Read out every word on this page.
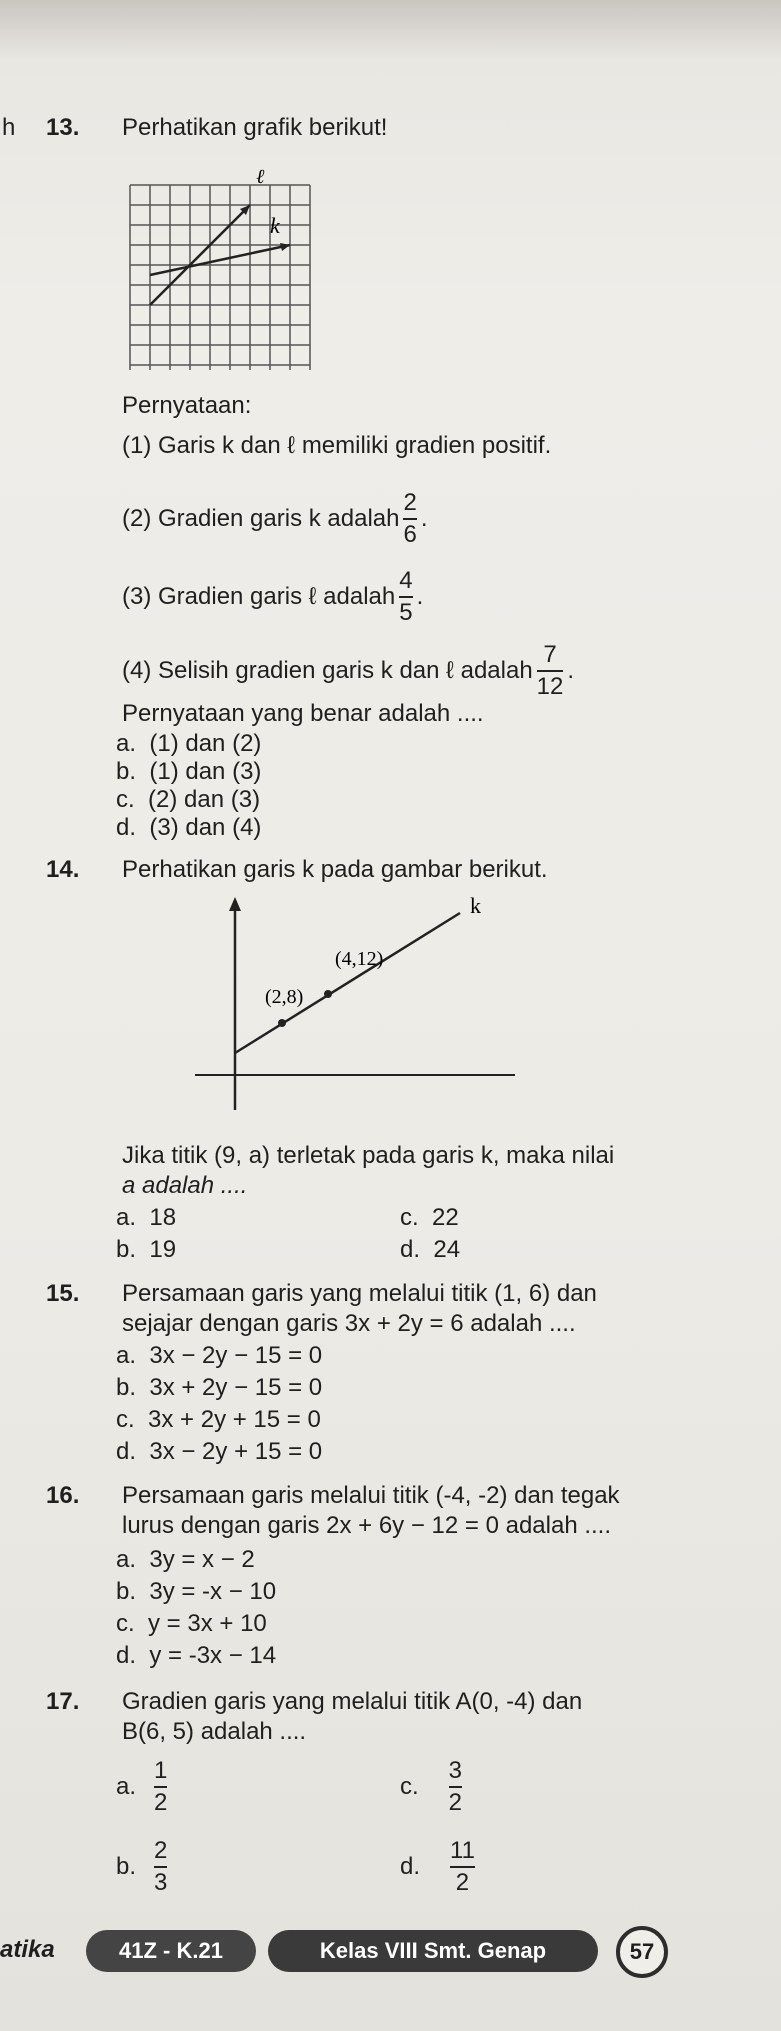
h 13. Perhatikan grafik berikut!
ℓ
k
Pernyataan:
(1) Garis k dan ℓ memiliki gradien positif.
(2) Gradien garis k adalah $\frac{2}{6}$ .
(3) Gradien garis ℓ adalah $\frac{4}{5}$ .
(4) Selisih gradien garis k dan ℓ adalah $\frac{7}{12}$ .
Pernyataan yang benar adalah ....
a. (1) dan (2)
b. (1) dan (3)
c. (2) dan (3)
d. (3) dan (4)
14. Perhatikan garis k pada gambar berikut.
k
(4,12)
(2,8)
Jika titik (9, a) terletak pada garis k, maka nilai
a adalah ....
a. 18
b. 19
c. 22
d. 24
15. Persamaan garis yang melalui titik (1, 6) dan
sejajar dengan garis 3x + 2y = 6 adalah ....
a. 3x − 2y − 15 = 0
b. 3x + 2y − 15 = 0
c. 3x + 2y + 15 = 0
d. 3x − 2y + 15 = 0
16. Persamaan garis melalui titik (-4, -2) dan tegak
lurus dengan garis 2x + 6y − 12 = 0 adalah ....
a. 3y = x − 2
b. 3y = -x − 10
c. y = 3x + 10
d. y = -3x − 14
17. Gradien garis yang melalui titik A(0, -4) dan
B(6, 5) adalah ....
a. $\frac{1}{2}$
b. $\frac{2}{3}$
c. $\frac{3}{2}$
d. $\frac{11}{2}$
atika	41Z - K.21	Kelas VIII Smt. Genap	57
